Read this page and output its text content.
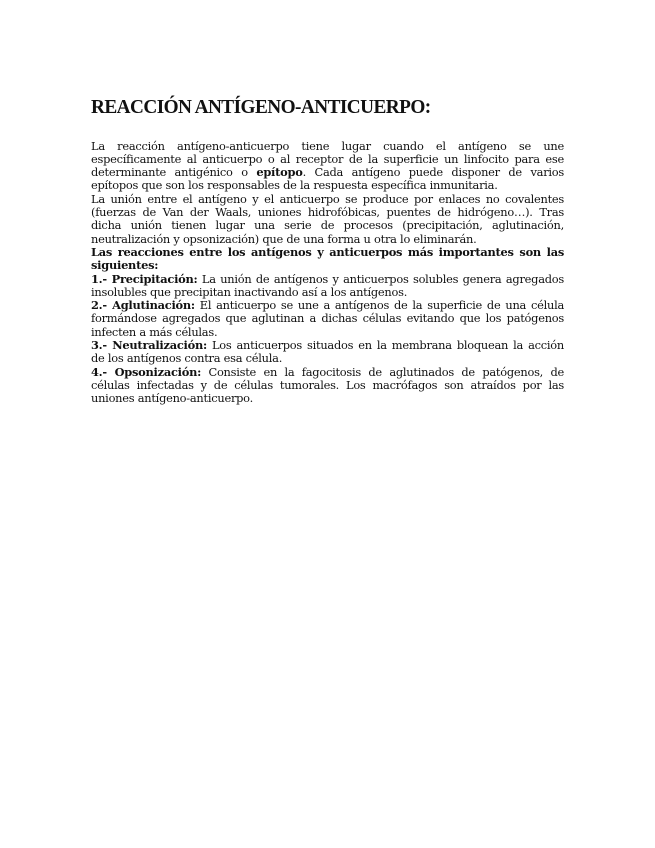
REACCIÓN ANTÍGENO-ANTICUERPO:

La reacción antígeno-anticuerpo tiene lugar cuando el antígeno se une específicamente al anticuerpo o al receptor de la superficie un linfocito para ese determinante antigénico o epítopo. Cada antígeno puede disponer de varios epítopos que son los responsables de la respuesta específica inmunitaria.

La unión entre el antígeno y el anticuerpo se produce por enlaces no covalentes (fuerzas de Van der Waals, uniones hidrofóbicas, puentes de hidrógeno…). Tras dicha unión tienen lugar una serie de procesos (precipitación, aglutinación, neutralización y opsonización) que de una forma u otra lo eliminarán.

Las reacciones entre los antígenos y anticuerpos más importantes son las siguientes:

1.- Precipitación: La unión de antígenos y anticuerpos solubles genera agregados insolubles que precipitan inactivando así a los antígenos.

2.- Aglutinación: El anticuerpo se une a antígenos de la superficie de una célula formándose agregados que aglutinan a dichas células evitando que los patógenos infecten a más células.

3.- Neutralización: Los anticuerpos situados en la membrana bloquean la acción de los antígenos contra esa célula.

4.- Opsonización: Consiste en la fagocitosis de aglutinados de patógenos, de células infectadas y de células tumorales. Los macrófagos son atraídos por las uniones antígeno-anticuerpo.
